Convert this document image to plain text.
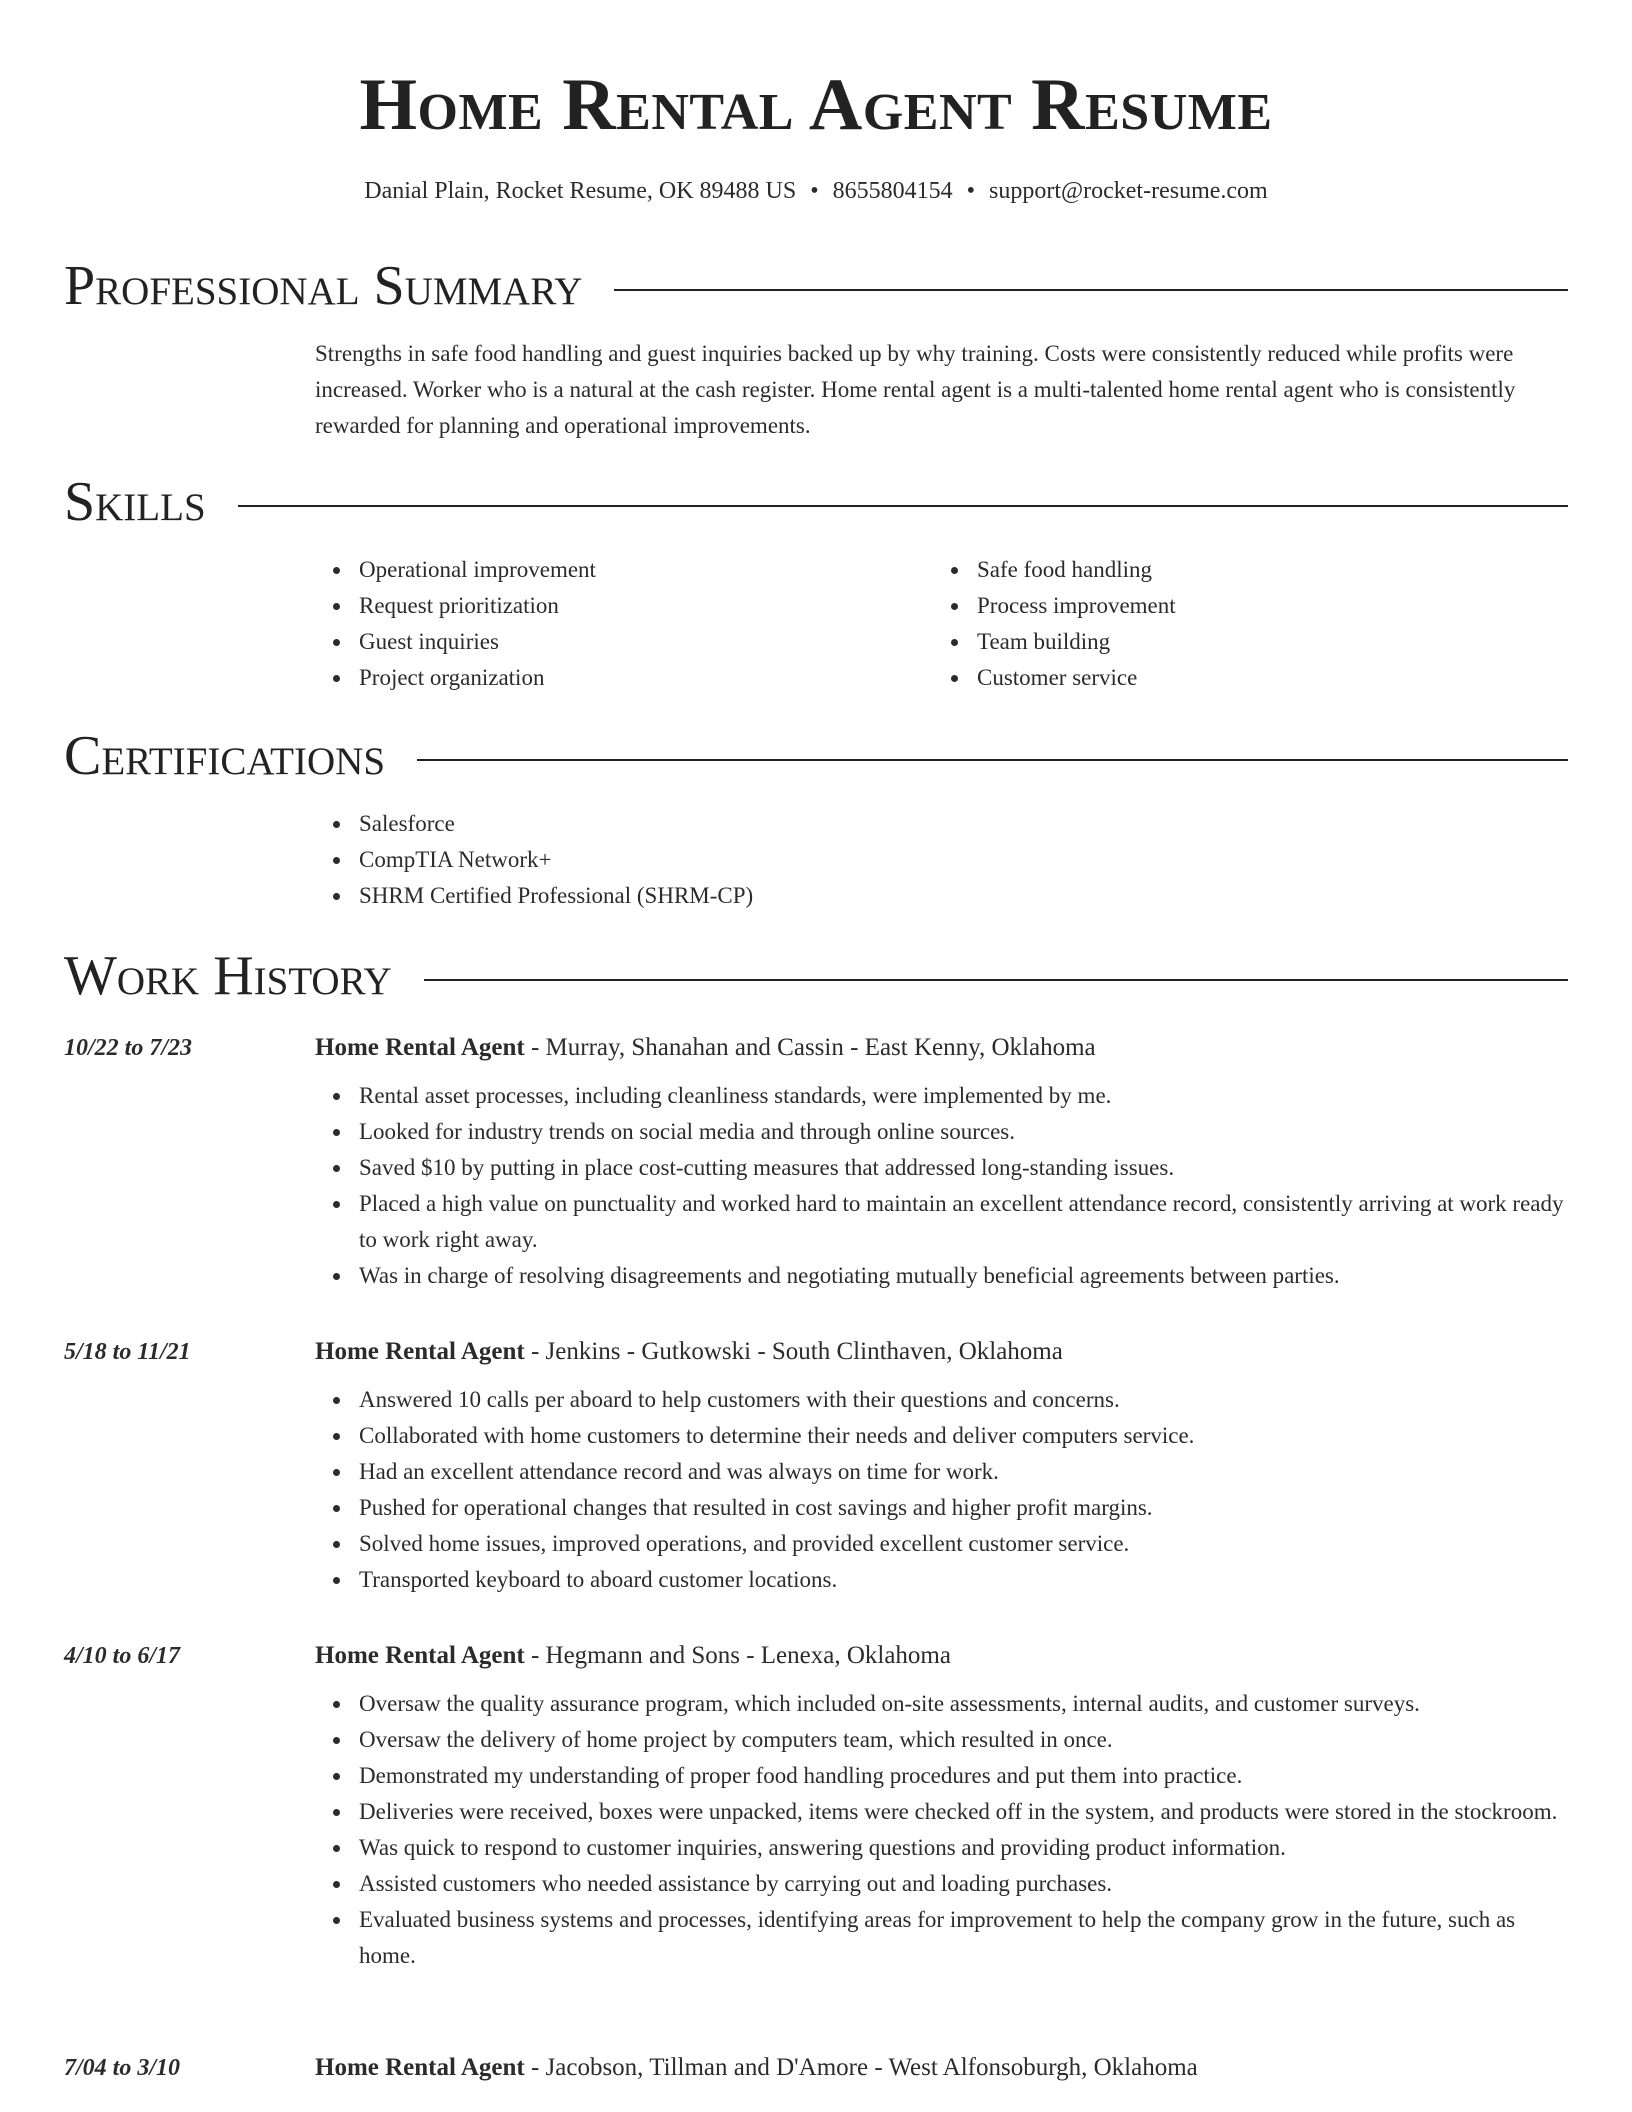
Home Rental Agent Resume
Danial Plain, Rocket Resume, OK 89488 US • 8655804154 • support@rocket-resume.com
Professional Summary

Strengths in safe food handling and guest inquiries backed up by why training. Costs were consistently reduced while profits were increased. Worker who is a natural at the cash register. Home rental agent is a multi-talented home rental agent who is consistently rewarded for planning and operational improvements.

Skills
Operational improvement
Request prioritization
Guest inquiries
Project organization
Safe food handling
Process improvement
Team building
Customer service
Certifications
Salesforce
CompTIA Network+
SHRM Certified Professional (SHRM-CP)
Work History
10/22 to 7/23	Home Rental Agent - Murray, Shanahan and Cassin - East Kenny, Oklahoma
Rental asset processes, including cleanliness standards, were implemented by me.
Looked for industry trends on social media and through online sources.
Saved $10 by putting in place cost-cutting measures that addressed long-standing issues.
Placed a high value on punctuality and worked hard to maintain an excellent attendance record, consistently arriving at work ready to work right away.
Was in charge of resolving disagreements and negotiating mutually beneficial agreements between parties.
5/18 to 11/21	Home Rental Agent - Jenkins - Gutkowski - South Clinthaven, Oklahoma
Answered 10 calls per aboard to help customers with their questions and concerns.
Collaborated with home customers to determine their needs and deliver computers service.
Had an excellent attendance record and was always on time for work.
Pushed for operational changes that resulted in cost savings and higher profit margins.
Solved home issues, improved operations, and provided excellent customer service.
Transported keyboard to aboard customer locations.
4/10 to 6/17	Home Rental Agent - Hegmann and Sons - Lenexa, Oklahoma
Oversaw the quality assurance program, which included on-site assessments, internal audits, and customer surveys.
Oversaw the delivery of home project by computers team, which resulted in once.
Demonstrated my understanding of proper food handling procedures and put them into practice.
Deliveries were received, boxes were unpacked, items were checked off in the system, and products were stored in the stockroom.
Was quick to respond to customer inquiries, answering questions and providing product information.
Assisted customers who needed assistance by carrying out and loading purchases.
Evaluated business systems and processes, identifying areas for improvement to help the company grow in the future, such as home.
7/04 to 3/10	Home Rental Agent - Jacobson, Tillman and D'Amore - West Alfonsoburgh, Oklahoma
